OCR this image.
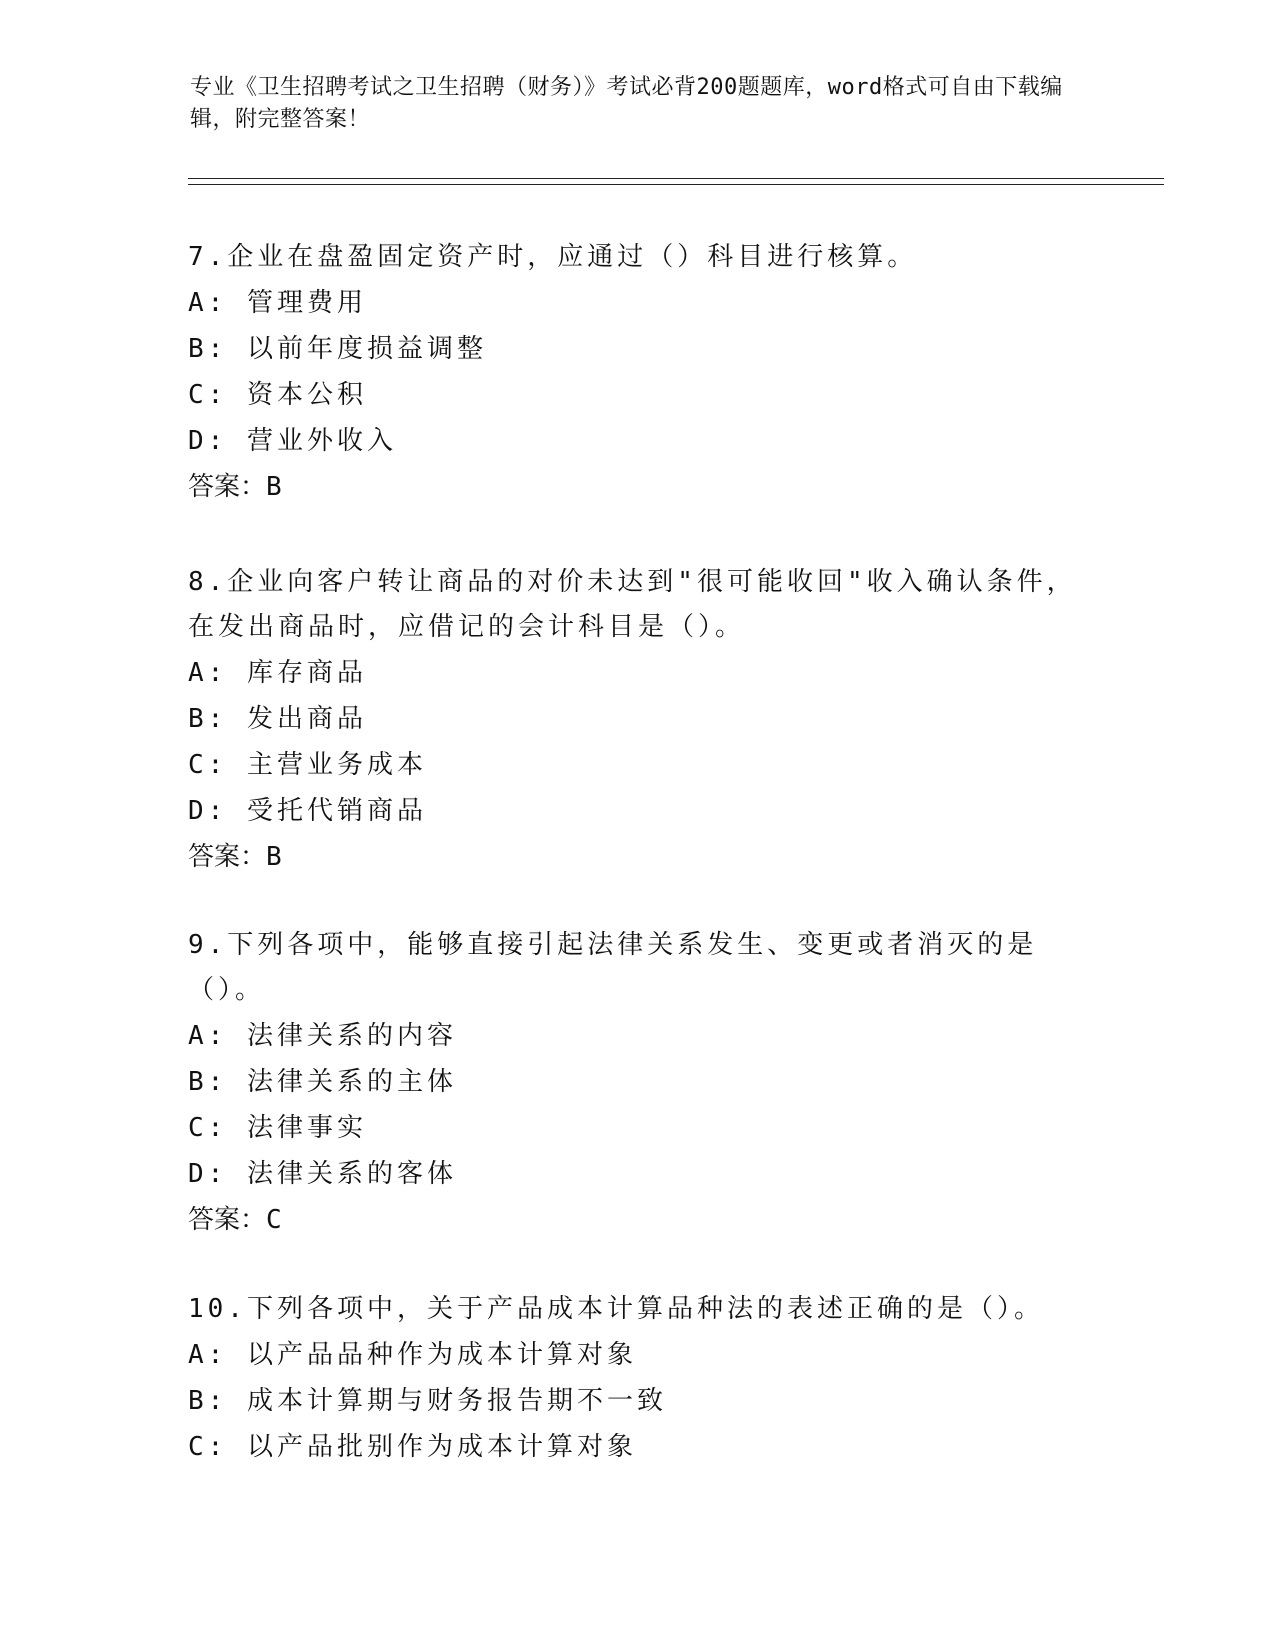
专业《卫生招聘考试之卫生招聘（财务）》考试必背200题题库，word格式可自由下载编辑，附完整答案！
7.企业在盘盈固定资产时，应通过（）科目进行核算。
A: 管理费用
B: 以前年度损益调整
C: 资本公积
D: 营业外收入
答案：B
8.企业向客户转让商品的对价未达到"很可能收回"收入确认条件，在发出商品时，应借记的会计科目是（）。
A: 库存商品
B: 发出商品
C: 主营业务成本
D: 受托代销商品
答案：B
9.下列各项中，能够直接引起法律关系发生、变更或者消灭的是（）。
A: 法律关系的内容
B: 法律关系的主体
C: 法律事实
D: 法律关系的客体
答案：C
10.下列各项中，关于产品成本计算品种法的表述正确的是（）。
A: 以产品品种作为成本计算对象
B: 成本计算期与财务报告期不一致
C: 以产品批别作为成本计算对象
